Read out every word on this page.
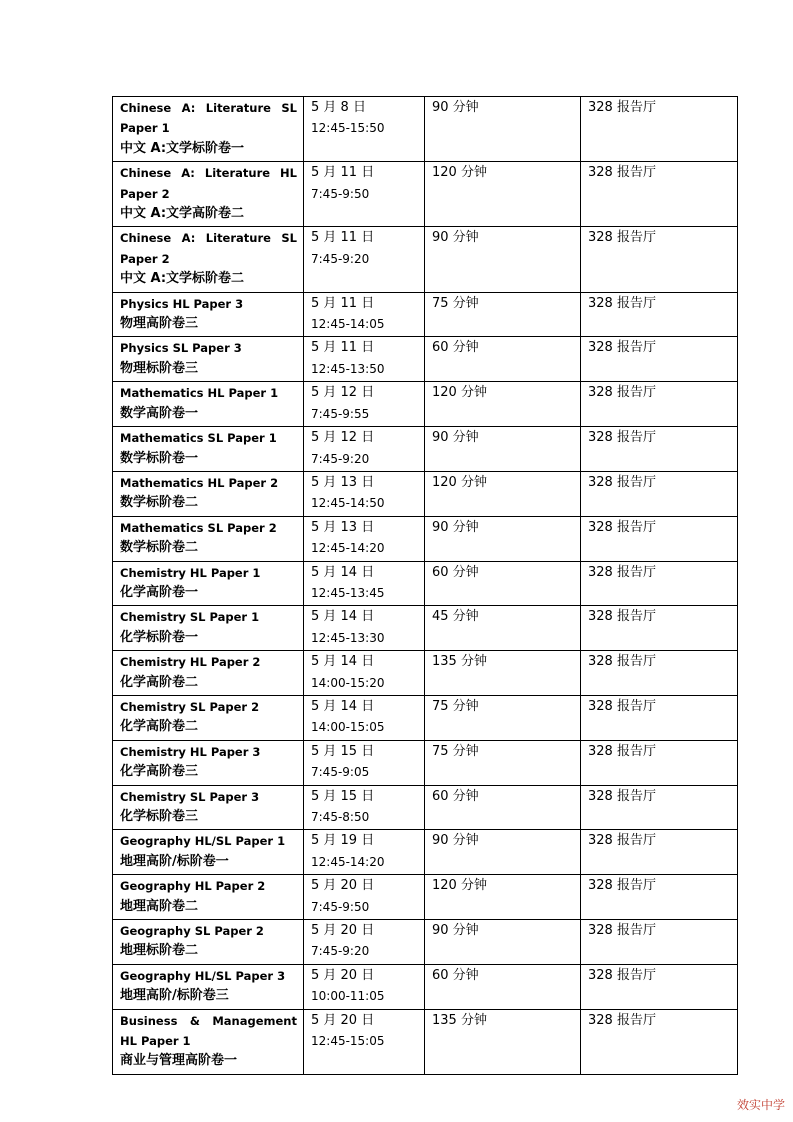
Chinese A: Literature SL Paper 1
中文 A:文学标阶卷一	5 月 8 日
12:45-15:50	90 分钟	328 报告厅

Chinese A: Literature HL Paper 2
中文 A:文学高阶卷二	5 月 11 日
7:45-9:50	120 分钟	328 报告厅

Chinese A: Literature SL Paper 2
中文 A:文学标阶卷二	5 月 11 日
7:45-9:20	90 分钟	328 报告厅

Physics HL Paper 3
物理高阶卷三	5 月 11 日
12:45-14:05	75 分钟	328 报告厅

Physics SL Paper 3
物理标阶卷三	5 月 11 日
12:45-13:50	60 分钟	328 报告厅

Mathematics HL Paper 1
数学高阶卷一	5 月 12 日
7:45-9:55	120 分钟	328 报告厅

Mathematics SL Paper 1
数学标阶卷一	5 月 12 日
7:45-9:20	90 分钟	328 报告厅

Mathematics HL Paper 2
数学标阶卷二	5 月 13 日
12:45-14:50	120 分钟	328 报告厅

Mathematics SL Paper 2
数学标阶卷二	5 月 13 日
12:45-14:20	90 分钟	328 报告厅

Chemistry HL Paper 1
化学高阶卷一	5 月 14 日
12:45-13:45	60 分钟	328 报告厅

Chemistry SL Paper 1
化学标阶卷一	5 月 14 日
12:45-13:30	45 分钟	328 报告厅

Chemistry HL Paper 2
化学高阶卷二	5 月 14 日
14:00-15:20	135 分钟	328 报告厅

Chemistry SL Paper 2
化学高阶卷二	5 月 14 日
14:00-15:05	75 分钟	328 报告厅

Chemistry HL Paper 3
化学高阶卷三	5 月 15 日
7:45-9:05	75 分钟	328 报告厅

Chemistry SL Paper 3
化学标阶卷三	5 月 15 日
7:45-8:50	60 分钟	328 报告厅

Geography HL/SL Paper 1
地理高阶/标阶卷一	5 月 19 日
12:45-14:20	90 分钟	328 报告厅

Geography HL Paper 2
地理高阶卷二	5 月 20 日
7:45-9:50	120 分钟	328 报告厅

Geography SL Paper 2
地理标阶卷二	5 月 20 日
7:45-9:20	90 分钟	328 报告厅

Geography HL/SL Paper 3
地理高阶/标阶卷三	5 月 20 日
10:00-11:05	60 分钟	328 报告厅

Business & Management HL Paper 1
商业与管理高阶卷一	5 月 20 日
12:45-15:05	135 分钟	328 报告厅
效实中学
